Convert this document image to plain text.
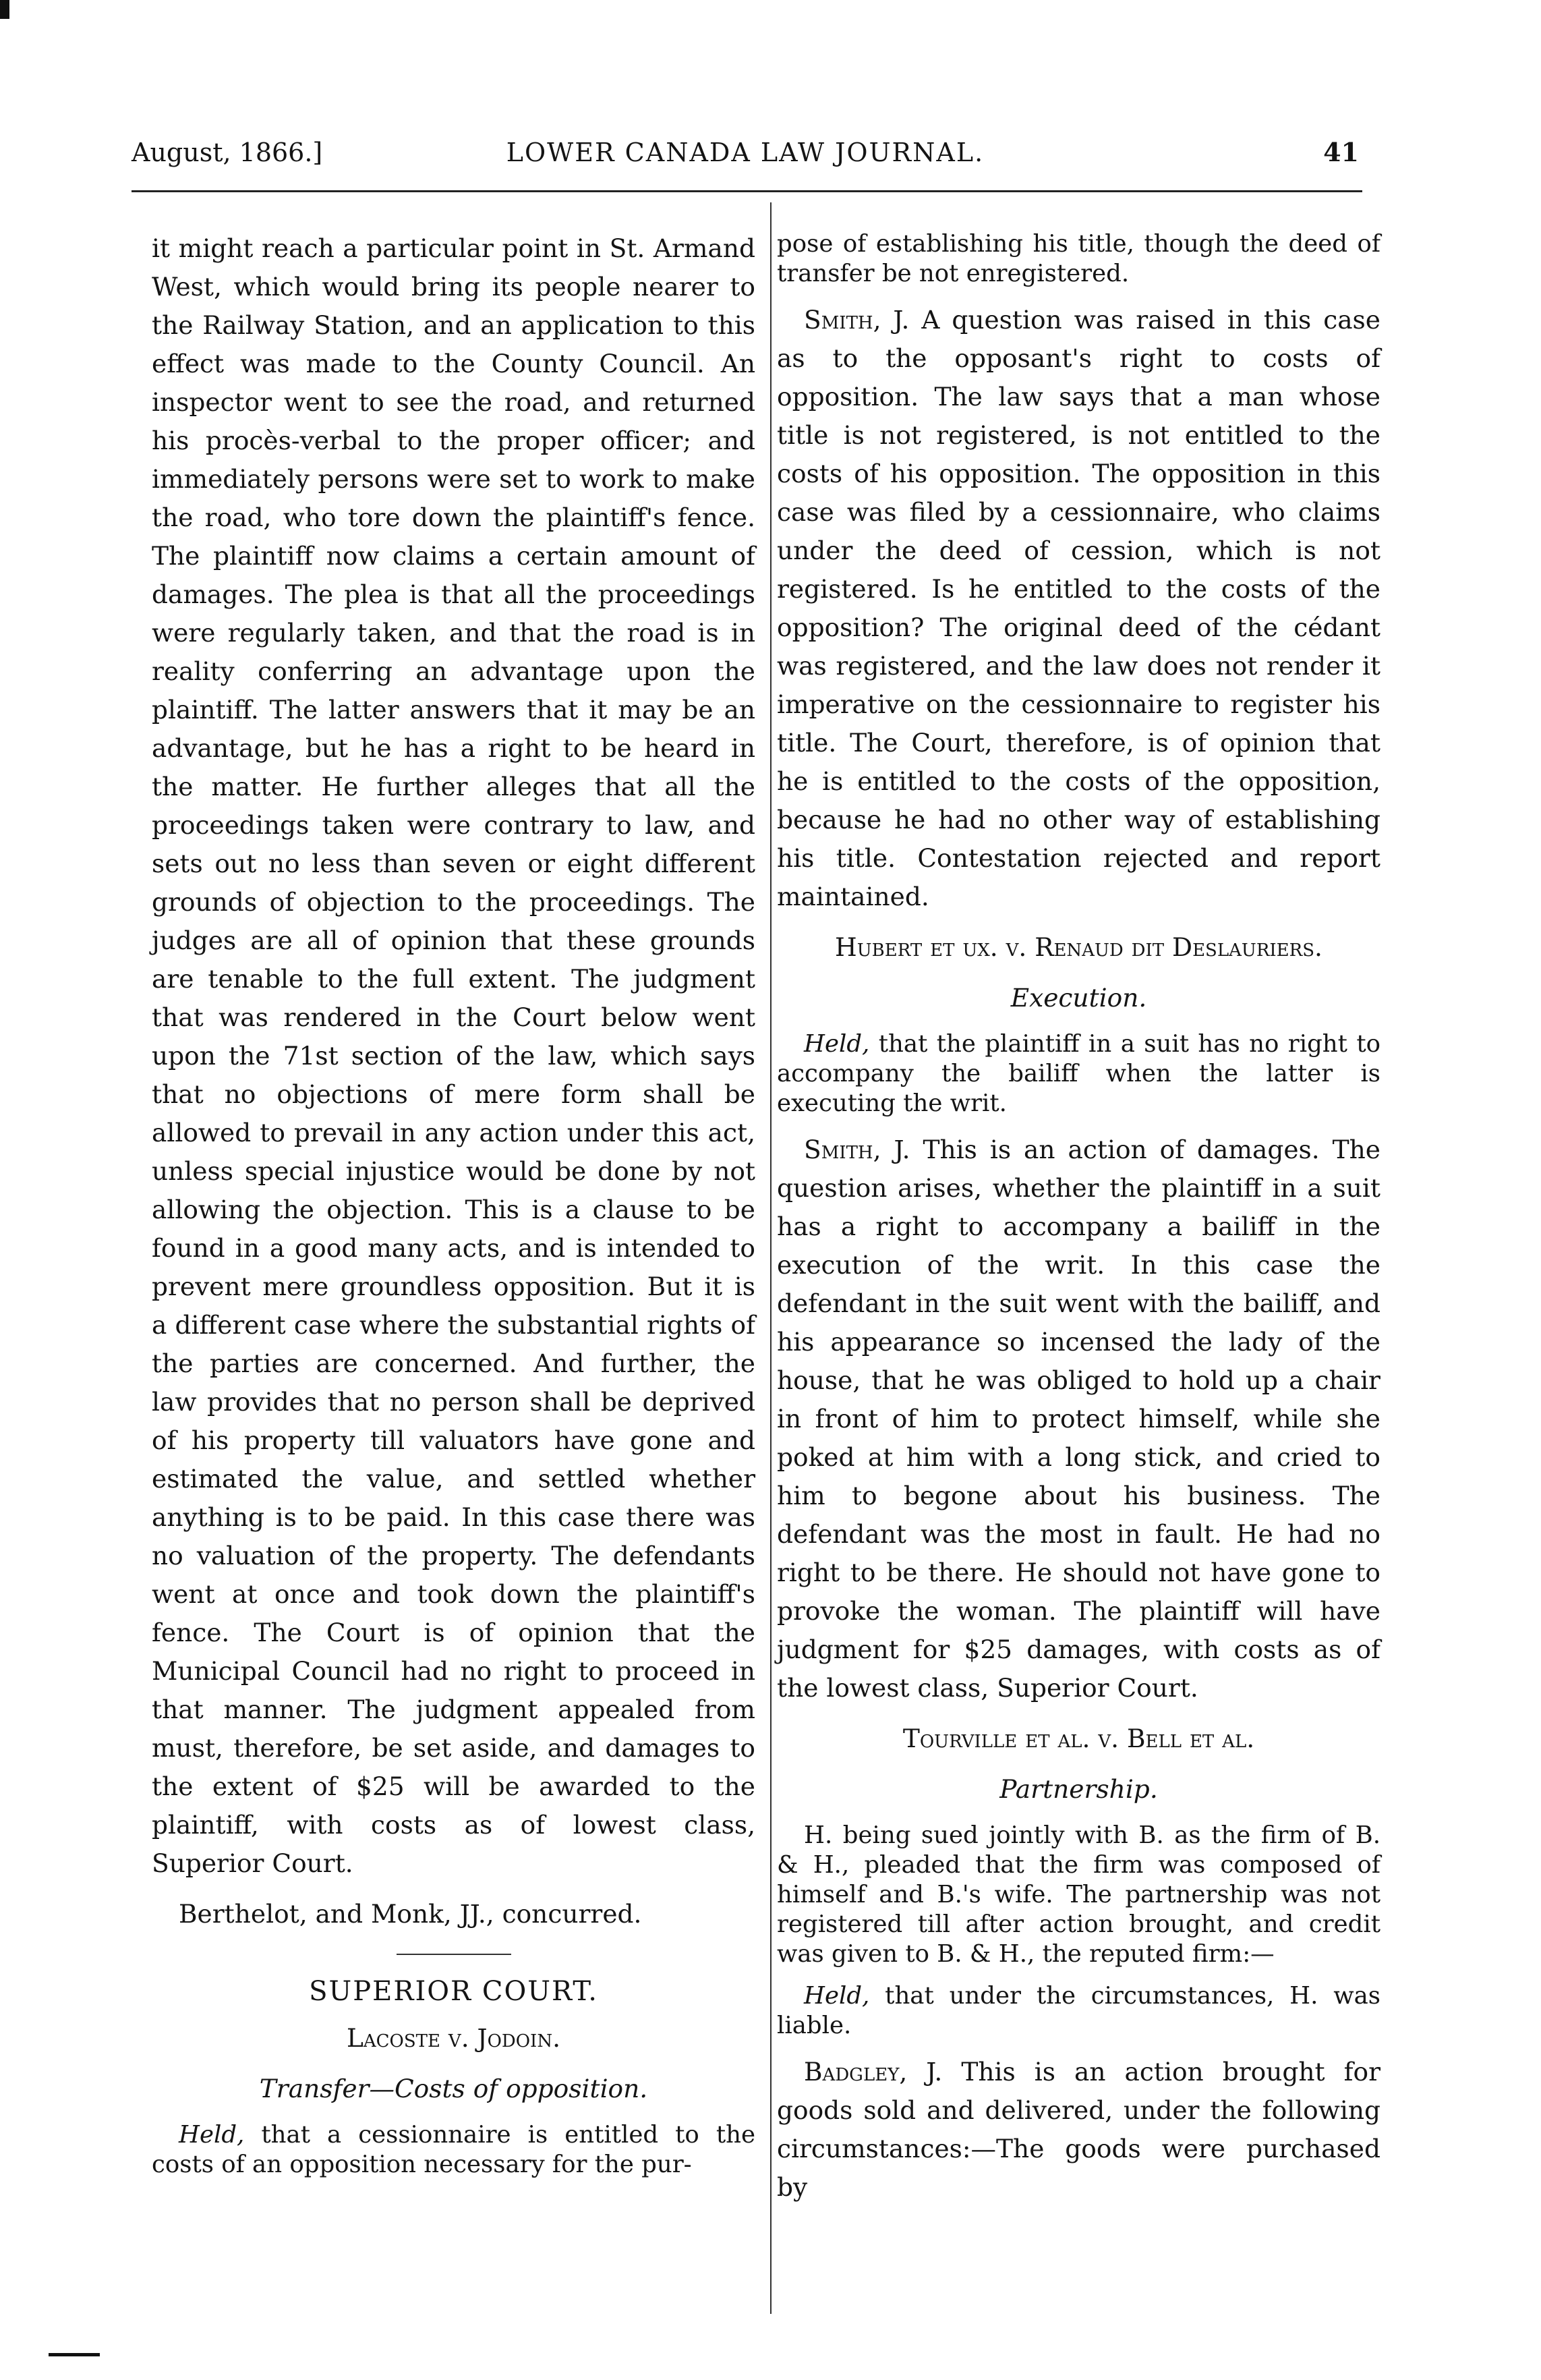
August, 1866.]	LOWER CANADA LAW JOURNAL.	41

it might reach a particular point in St. Armand West, which would bring its people nearer to the Railway Station, and an application to this effect was made to the County Council. An inspector went to see the road, and returned his procès-verbal to the proper officer; and immediately persons were set to work to make the road, who tore down the plaintiff's fence. The plaintiff now claims a certain amount of damages. The plea is that all the proceedings were regularly taken, and that the road is in reality conferring an advantage upon the plaintiff. The latter answers that it may be an advantage, but he has a right to be heard in the matter. He further alleges that all the proceedings taken were contrary to law, and sets out no less than seven or eight different grounds of objection to the proceedings. The judges are all of opinion that these grounds are tenable to the full extent. The judgment that was rendered in the Court below went upon the 71st section of the law, which says that no objections of mere form shall be allowed to prevail in any action under this act, unless special injustice would be done by not allowing the objection. This is a clause to be found in a good many acts, and is intended to prevent mere groundless opposition. But it is a different case where the substantial rights of the parties are concerned. And further, the law provides that no person shall be deprived of his property till valuators have gone and estimated the value, and settled whether anything is to be paid. In this case there was no valuation of the property. The defendants went at once and took down the plaintiff's fence. The Court is of opinion that the Municipal Council had no right to proceed in that manner. The judgment appealed from must, therefore, be set aside, and damages to the extent of $25 will be awarded to the plaintiff, with costs as of lowest class, Superior Court.

Berthelot, and Monk, JJ., concurred.

SUPERIOR COURT.

Lacoste v. Jodoin.

Transfer—Costs of opposition.

Held, that a cessionnaire is entitled to the costs of an opposition necessary for the pur-

pose of establishing his title, though the deed of transfer be not enregistered.

Smith, J. A question was raised in this case as to the opposant's right to costs of opposition. The law says that a man whose title is not registered, is not entitled to the costs of his opposition. The opposition in this case was filed by a cessionnaire, who claims under the deed of cession, which is not registered. Is he entitled to the costs of the opposition? The original deed of the cédant was registered, and the law does not render it imperative on the cessionnaire to register his title. The Court, therefore, is of opinion that he is entitled to the costs of the opposition, because he had no other way of establishing his title. Contestation rejected and report maintained.

Hubert et ux. v. Renaud dit Deslauriers.

Execution.

Held, that the plaintiff in a suit has no right to accompany the bailiff when the latter is executing the writ.

Smith, J. This is an action of damages. The question arises, whether the plaintiff in a suit has a right to accompany a bailiff in the execution of the writ. In this case the defendant in the suit went with the bailiff, and his appearance so incensed the lady of the house, that he was obliged to hold up a chair in front of him to protect himself, while she poked at him with a long stick, and cried to him to begone about his business. The defendant was the most in fault. He had no right to be there. He should not have gone to provoke the woman. The plaintiff will have judgment for $25 damages, with costs as of the lowest class, Superior Court.

Tourville et al. v. Bell et al.

Partnership.

H. being sued jointly with B. as the firm of B. & H., pleaded that the firm was composed of himself and B.'s wife. The partnership was not registered till after action brought, and credit was given to B. & H., the reputed firm:—

Held, that under the circumstances, H. was liable.

Badgley, J. This is an action brought for goods sold and delivered, under the following circumstances:—The goods were purchased by
